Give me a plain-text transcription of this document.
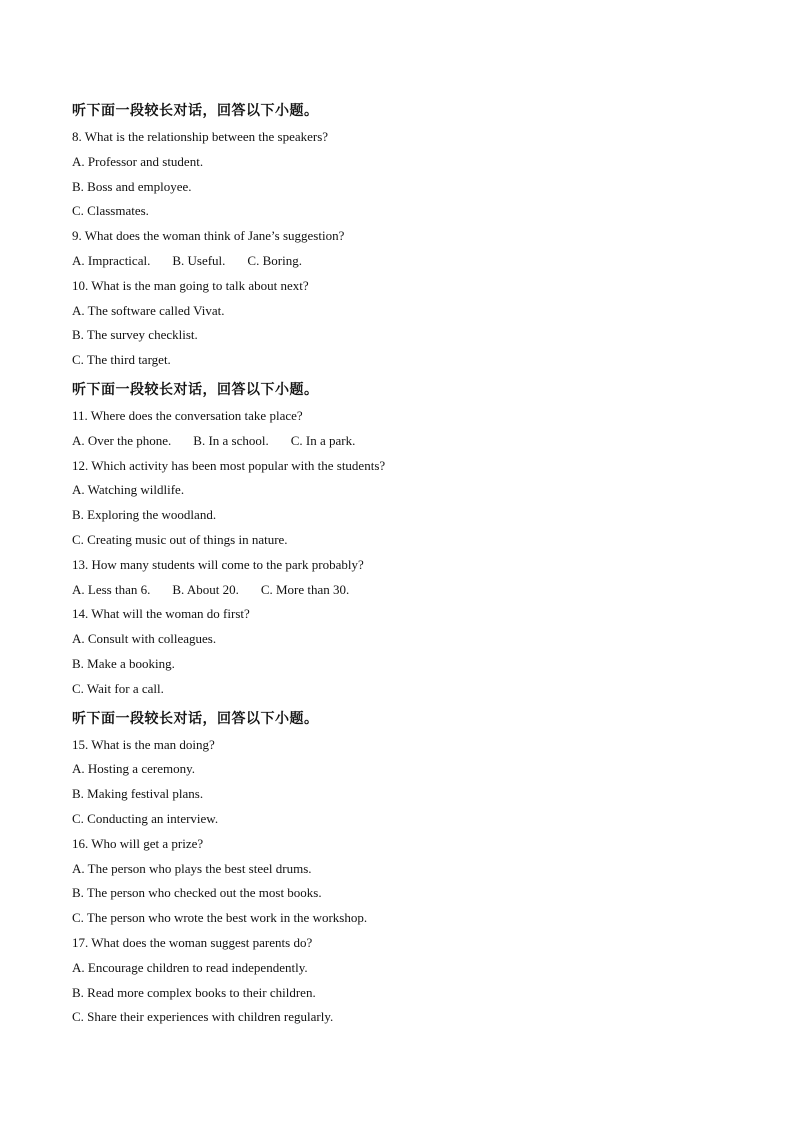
听下面一段较长对话，回答以下小题。
8. What is the relationship between the speakers?
A. Professor and student.
B. Boss and employee.
C. Classmates.
9. What does the woman think of Jane’s suggestion?
A. Impractical. B. Useful. C. Boring.
10. What is the man going to talk about next?
A. The software called Vivat.
B. The survey checklist.
C. The third target.
听下面一段较长对话，回答以下小题。
11. Where does the conversation take place?
A. Over the phone. B. In a school. C. In a park.
12. Which activity has been most popular with the students?
A. Watching wildlife.
B. Exploring the woodland.
C. Creating music out of things in nature.
13. How many students will come to the park probably?
A. Less than 6. B. About 20. C. More than 30.
14. What will the woman do first?
A. Consult with colleagues.
B. Make a booking.
C. Wait for a call.
听下面一段较长对话，回答以下小题。
15. What is the man doing?
A. Hosting a ceremony.
B. Making festival plans.
C. Conducting an interview.
16. Who will get a prize?
A. The person who plays the best steel drums.
B. The person who checked out the most books.
C. The person who wrote the best work in the workshop.
17. What does the woman suggest parents do?
A. Encourage children to read independently.
B. Read more complex books to their children.
C. Share their experiences with children regularly.
